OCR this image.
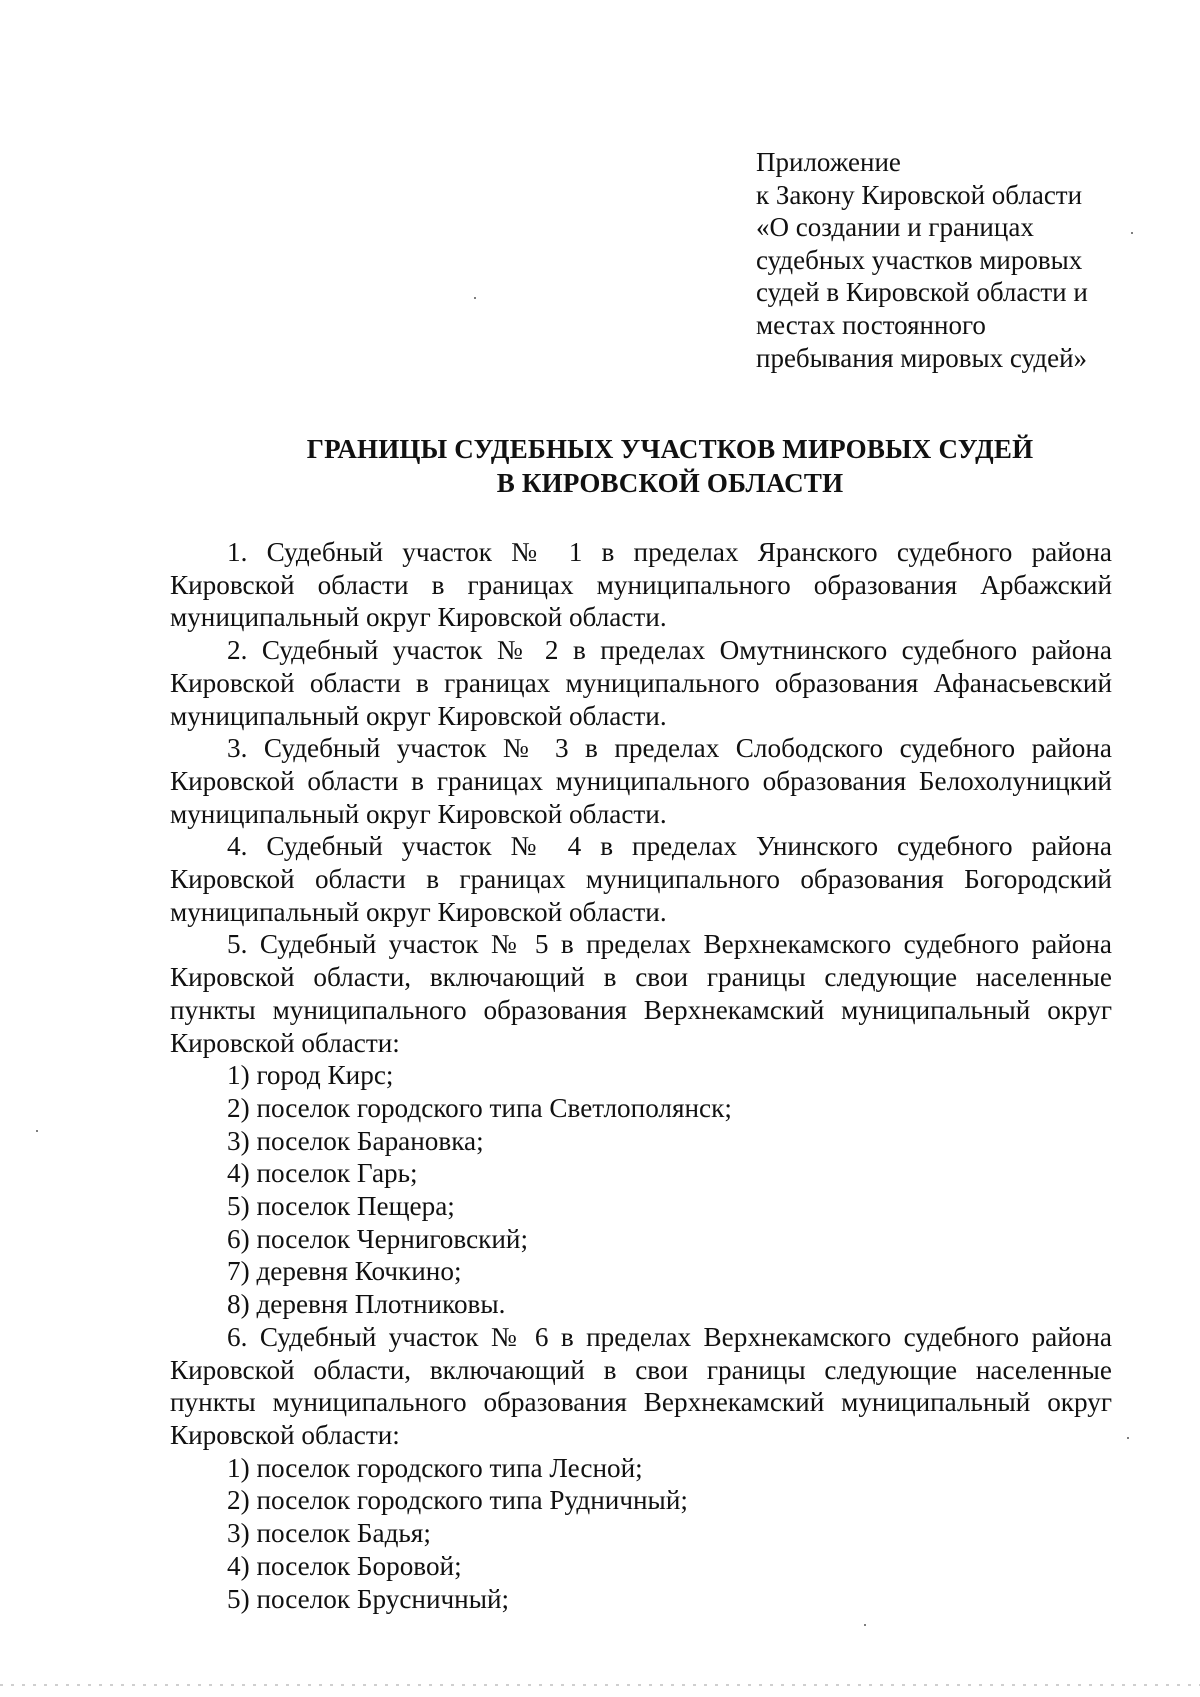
Приложение
к Закону Кировской области
«О создании и границах
судебных участков мировых
судей в Кировской области и
местах постоянного
пребывания мировых судей»
ГРАНИЦЫ СУДЕБНЫХ УЧАСТКОВ МИРОВЫХ СУДЕЙ
В КИРОВСКОЙ ОБЛАСТИ

1. Судебный участок № 1 в пределах Яранского судебного района Кировской области в границах муниципального образования Арбажский муниципальный округ Кировской области.

2. Судебный участок № 2 в пределах Омутнинского судебного района Кировской области в границах муниципального образования Афанасьевский муниципальный округ Кировской области.

3. Судебный участок № 3 в пределах Слободского судебного района Кировской области в границах муниципального образования Белохолуницкий муниципальный округ Кировской области.

4. Судебный участок № 4 в пределах Унинского судебного района Кировской области в границах муниципального образования Богородский муниципальный округ Кировской области.

5. Судебный участок № 5 в пределах Верхнекамского судебного района Кировской области, включающий в свои границы следующие населенные пункты муниципального образования Верхнекамский муниципальный округ Кировской области:

1) город Кирс;

2) поселок городского типа Светлополянск;

3) поселок Барановка;

4) поселок Гарь;

5) поселок Пещера;

6) поселок Черниговский;

7) деревня Кочкино;

8) деревня Плотниковы.

6. Судебный участок № 6 в пределах Верхнекамского судебного района Кировской области, включающий в свои границы следующие населенные пункты муниципального образования Верхнекамский муниципальный округ Кировской области:

1) поселок городского типа Лесной;

2) поселок городского типа Рудничный;

3) поселок Бадья;

4) поселок Боровой;

5) поселок Брусничный;
